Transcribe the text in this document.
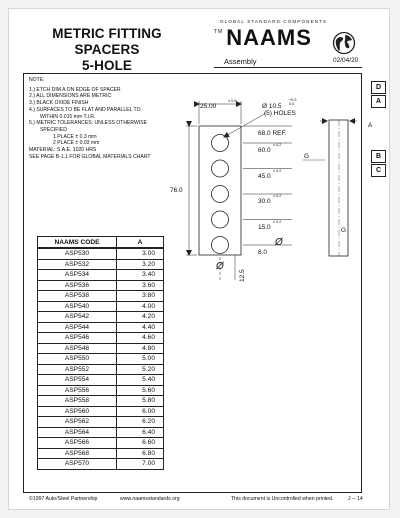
METRIC FITTING SPACERS
5-HOLE
GLOBAL STANDARD COMPONENTS
™ NAAMS
Assembly	02/04/20
NOTE:
1.) ETCH DIM A ON EDGE OF SPACER
2.) ALL DIMENSIONS ARE METRIC
3.) BLACK OXIDE FINISH
4.) SURFACES TO BE FLAT AND PARALLEL TO
WITHIN 0.015 mm T.I.R.
5.) METRIC TOLERANCES: UNLESS OTHERWISE
SPECIFIED
1 PLACE ± 0.3 mm
2 PLACE ± 0.03 mm
MATERIAL: S.A.E. 1020 HRS
SEE PAGE B-1.1 FOR GLOBAL MATERIALS CHART
D
A
B
C
25.00
± 0.5
Ø 10.5
+0.3
0.0
(5) HOLES
68.0 REF.
60.0
± 0.2
45.0
± 0.2
30.0
± 0.2
15.0
± 0.2
8.0
76.0
12.5
A
G
G
Ø
Ø
NAAMS CODE	A
ASP530	3.00
ASP532	3.20
ASP534	3.40
ASP536	3.60
ASP538	3.80
ASP540	4.00
ASP542	4.20
ASP544	4.40
ASP546	4.60
ASP548	4.80
ASP550	5.00
ASP552	5.20
ASP554	5.40
ASP556	5.60
ASP558	5.80
ASP560	6.00
ASP562	6.20
ASP564	6.40
ASP566	6.60
ASP568	6.80
ASP570	7.00
©1997 Auto/Steel Partnership	www.naamsstandards.org	This document is Uncontrolled when printed.	J -- 14
